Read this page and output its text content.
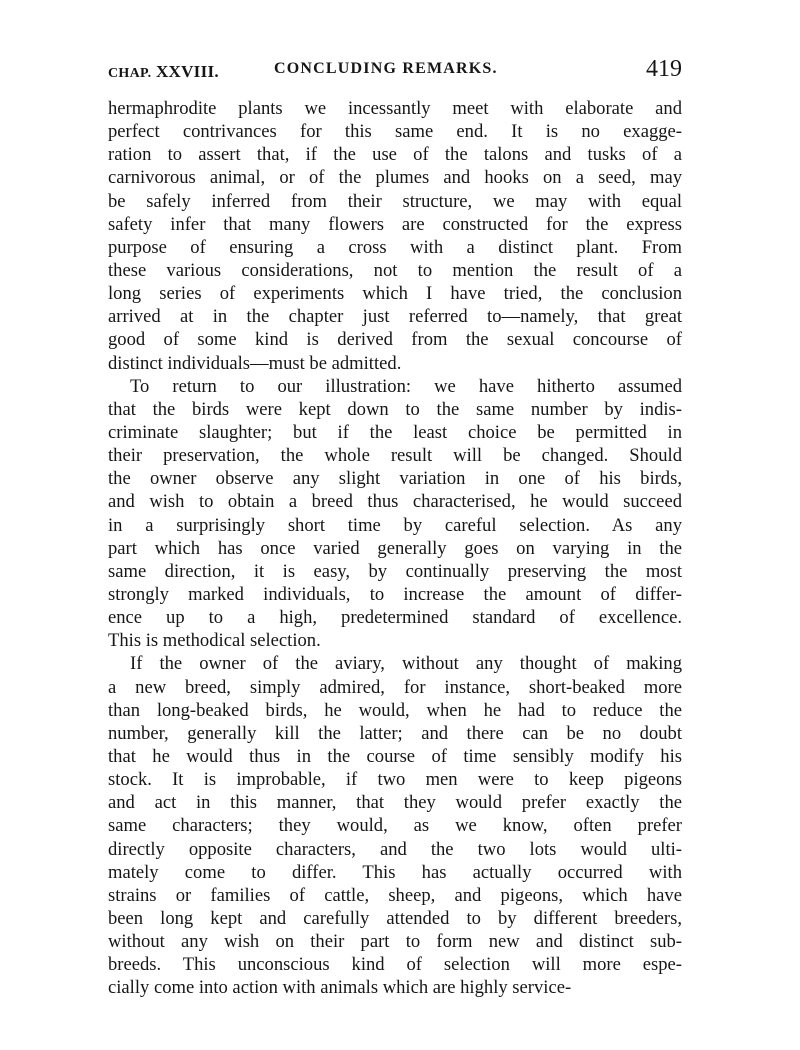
CHAP. XXVIII.	CONCLUDING REMARKS.	419
hermaphrodite plants we incessantly meet with elaborate and
perfect contrivances for this same end. It is no exagge-
ration to assert that, if the use of the talons and tusks of a
carnivorous animal, or of the plumes and hooks on a seed, may
be safely inferred from their structure, we may with equal
safety infer that many flowers are constructed for the express
purpose of ensuring a cross with a distinct plant. From
these various considerations, not to mention the result of a
long series of experiments which I have tried, the conclusion
arrived at in the chapter just referred to—namely, that great
good of some kind is derived from the sexual concourse of
distinct individuals—must be admitted.
To return to our illustration: we have hitherto assumed
that the birds were kept down to the same number by indis-
criminate slaughter; but if the least choice be permitted in
their preservation, the whole result will be changed. Should
the owner observe any slight variation in one of his birds,
and wish to obtain a breed thus characterised, he would succeed
in a surprisingly short time by careful selection. As any
part which has once varied generally goes on varying in the
same direction, it is easy, by continually preserving the most
strongly marked individuals, to increase the amount of differ-
ence up to a high, predetermined standard of excellence.
This is methodical selection.
If the owner of the aviary, without any thought of making
a new breed, simply admired, for instance, short-beaked more
than long-beaked birds, he would, when he had to reduce the
number, generally kill the latter; and there can be no doubt
that he would thus in the course of time sensibly modify his
stock. It is improbable, if two men were to keep pigeons
and act in this manner, that they would prefer exactly the
same characters; they would, as we know, often prefer
directly opposite characters, and the two lots would ulti-
mately come to differ. This has actually occurred with
strains or families of cattle, sheep, and pigeons, which have
been long kept and carefully attended to by different breeders,
without any wish on their part to form new and distinct sub-
breeds. This unconscious kind of selection will more espe-
cially come into action with animals which are highly service-
